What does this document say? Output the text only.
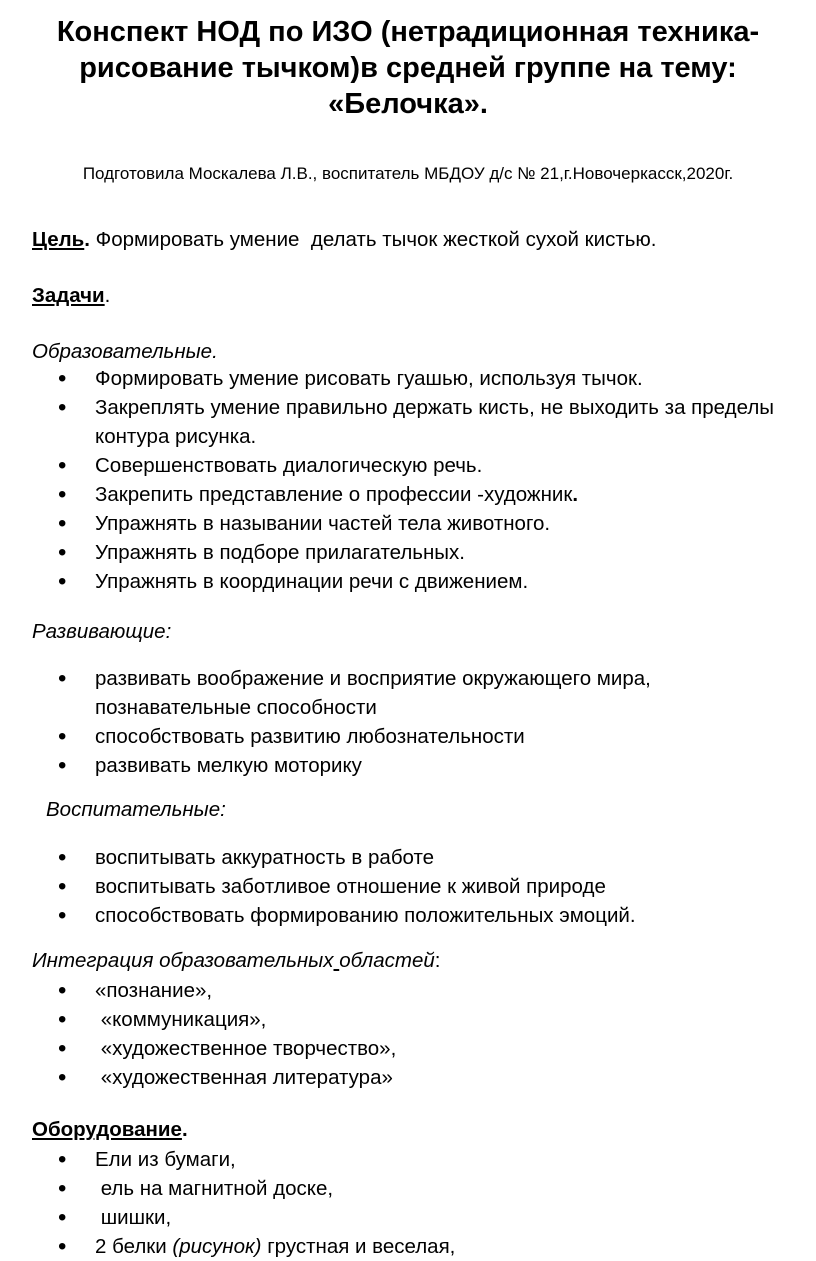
Конспект НОД по ИЗО (нетрадиционная техника-
рисование тычком)в средней группе на тему:
«Белочка».
Подготовила Москалева Л.В., воспитатель МБДОУ д/с № 21,г.Новочеркасск,2020г.
Цель. Формировать умение  делать тычок жесткой сухой кистью.
Задачи.
Образовательные.
• Формировать умение рисовать гуашью, используя тычок.
• Закреплять умение правильно держать кисть, не выходить за пределы контура рисунка.
• Совершенствовать диалогическую речь.
• Закрепить представление о профессии -художник.
• Упражнять в назывании частей тела животного.
• Упражнять в подборе прилагательных.
• Упражнять в координации речи с движением.
Развивающие:
• развивать воображение и восприятие окружающего мира, познавательные способности
• способствовать развитию любознательности
• развивать мелкую моторику
Воспитательные:
• воспитывать аккуратность в работе
• воспитывать заботливое отношение к живой природе
• способствовать формированию положительных эмоций.
Интеграция образовательных областей:
• «познание»,
•  «коммуникация»,
•  «художественное творчество»,
•  «художественная литература»
Оборудование.
• Ели из бумаги,
•  ель на магнитной доске,
•  шишки,
• 2 белки (рисунок) грустная и веселая,
